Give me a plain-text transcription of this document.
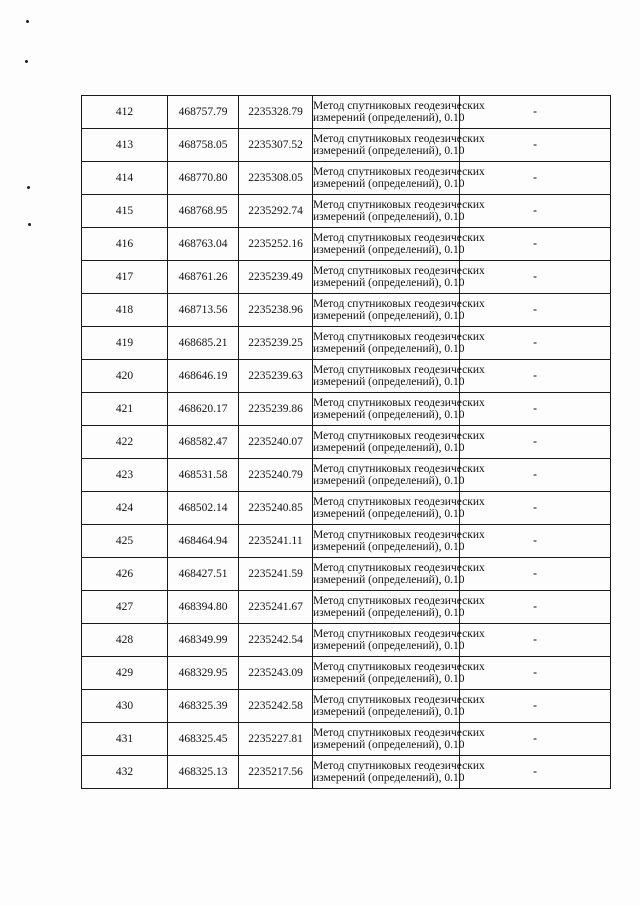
412	468757.79	2235328.79	Метод спутниковых геодезических
измерений (определений), 0.10	-
413	468758.05	2235307.52	Метод спутниковых геодезических
измерений (определений), 0.10	-
414	468770.80	2235308.05	Метод спутниковых геодезических
измерений (определений), 0.10	-
415	468768.95	2235292.74	Метод спутниковых геодезических
измерений (определений), 0.10	-
416	468763.04	2235252.16	Метод спутниковых геодезических
измерений (определений), 0.10	-
417	468761.26	2235239.49	Метод спутниковых геодезических
измерений (определений), 0.10	-
418	468713.56	2235238.96	Метод спутниковых геодезических
измерений (определений), 0.10	-
419	468685.21	2235239.25	Метод спутниковых геодезических
измерений (определений), 0.10	-
420	468646.19	2235239.63	Метод спутниковых геодезических
измерений (определений), 0.10	-
421	468620.17	2235239.86	Метод спутниковых геодезических
измерений (определений), 0.10	-
422	468582.47	2235240.07	Метод спутниковых геодезических
измерений (определений), 0.10	-
423	468531.58	2235240.79	Метод спутниковых геодезических
измерений (определений), 0.10	-
424	468502.14	2235240.85	Метод спутниковых геодезических
измерений (определений), 0.10	-
425	468464.94	2235241.11	Метод спутниковых геодезических
измерений (определений), 0.10	-
426	468427.51	2235241.59	Метод спутниковых геодезических
измерений (определений), 0.10	-
427	468394.80	2235241.67	Метод спутниковых геодезических
измерений (определений), 0.10	-
428	468349.99	2235242.54	Метод спутниковых геодезических
измерений (определений), 0.10	-
429	468329.95	2235243.09	Метод спутниковых геодезических
измерений (определений), 0.10	-
430	468325.39	2235242.58	Метод спутниковых геодезических
измерений (определений), 0.10	-
431	468325.45	2235227.81	Метод спутниковых геодезических
измерений (определений), 0.10	-
432	468325.13	2235217.56	Метод спутниковых геодезических
измерений (определений), 0.10	-
